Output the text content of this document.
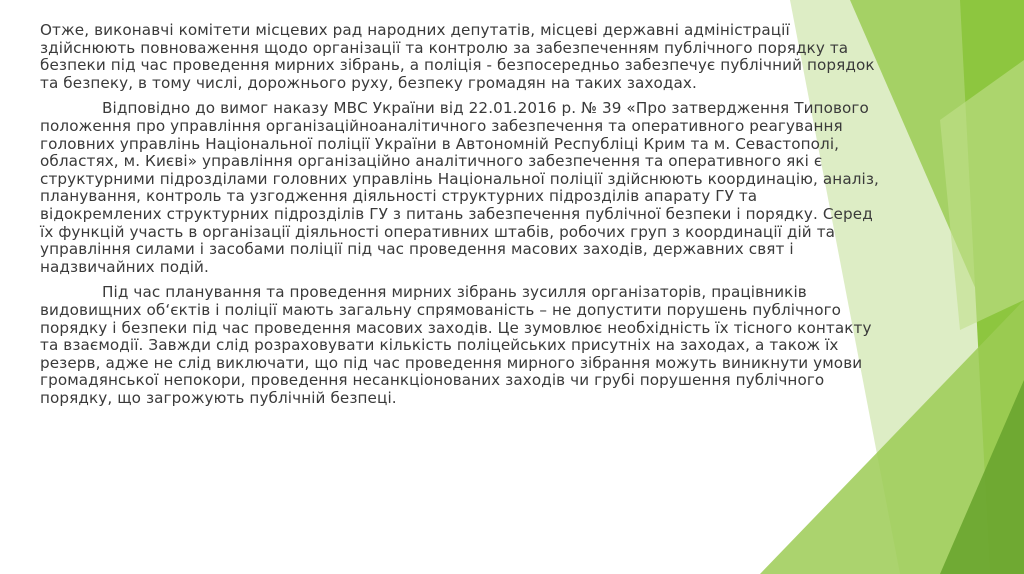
Отже, виконавчі комітети місцевих рад народних депутатів, місцеві державні адміністрації здійснюють повноваження щодо організації та контролю за забезпеченням публічного порядку та безпеки під час проведення мирних зібрань, а поліція - безпосередньо забезпечує публічний порядок та безпеку, в тому числі, дорожнього руху, безпеку громадян на таких заходах.

Відповідно до вимог наказу МВС України від 22.01.2016 р. № 39 «Про затвердження Типового положення про управління організаційноаналітичного забезпечення та оперативного реагування головних управлінь Національної поліції України в Автономній Республіці Крим та м. Севастополі, областях, м. Києві» управління організаційно аналітичного забезпечення та оперативного які є структурними підрозділами головних управлінь Національної поліції здійснюють координацію, аналіз, планування, контроль та узгодження діяльності структурних підрозділів апарату ГУ та відокремлених структурних підрозділів ГУ з питань забезпечення публічної безпеки і порядку. Серед їх функцій участь в організації діяльності оперативних штабів, робочих груп з координації дій та управління силами і засобами поліції під час проведення масових заходів, державних свят і надзвичайних подій.

Під час планування та проведення мирних зібрань зусилля організаторів, працівників видовищних об‘єктів і поліції мають загальну спрямованість – не допустити порушень публічного порядку і безпеки під час проведення масових заходів. Це зумовлює необхідність їх тісного контакту та взаємодії. Завжди слід розраховувати кількість поліцейських присутніх на заходах, а також їх резерв, адже не слід виключати, що під час проведення мирного зібрання можуть виникнути умови громадянської непокори, проведення несанкціонованих заходів чи грубі порушення публічного порядку, що загрожують публічній безпеці.
